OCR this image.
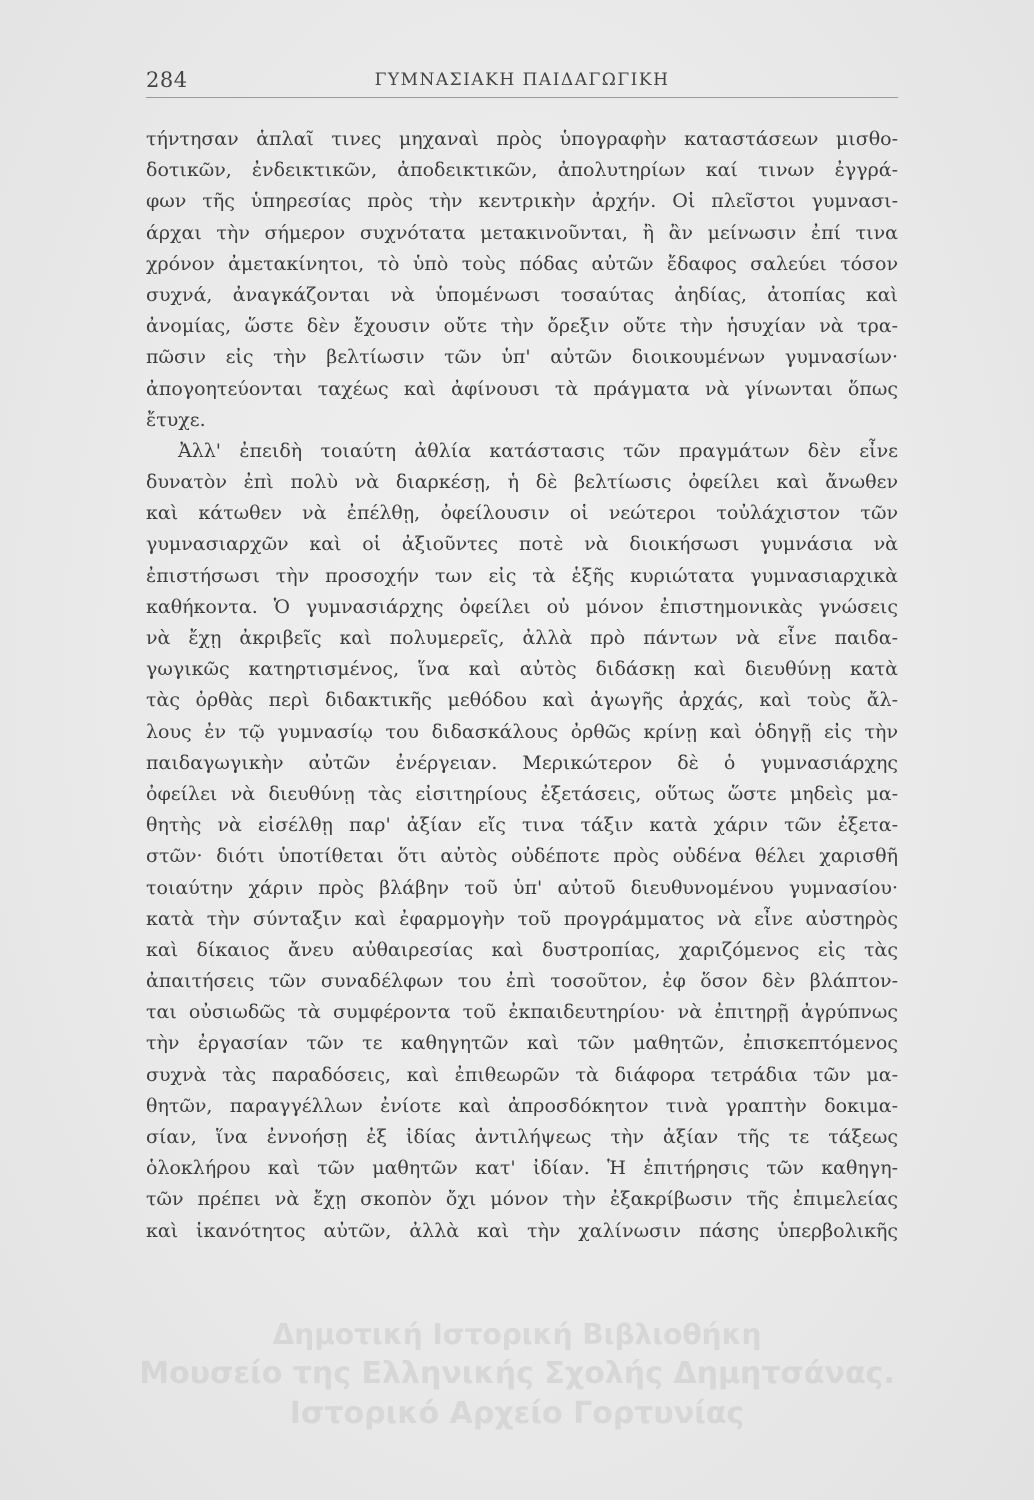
284	ΓΥΜΝΑΣΙΑΚΗ ΠΑΙΔΑΓΩΓΙΚΗ
τήντησαν ἁπλαῖ τινες μηχαναὶ πρὸς ὑπογραφὴν καταστάσεων μισθο-
δοτικῶν, ἐνδεικτικῶν, ἀποδεικτικῶν, ἀπολυτηρίων καί τινων ἐγγρά-
φων τῆς ὑπηρεσίας πρὸς τὴν κεντρικὴν ἀρχήν. Οἱ πλεῖστοι γυμνασι-
άρχαι τὴν σήμερον συχνότατα μετακινοῦνται, ἢ ἂν μείνωσιν ἐπί τινα
χρόνον ἀμετακίνητοι, τὸ ὑπὸ τοὺς πόδας αὐτῶν ἔδαφος σαλεύει τόσον
συχνά, ἀναγκάζονται νὰ ὑπομένωσι τοσαύτας ἀηδίας, ἀτοπίας καὶ
ἀνομίας, ὥστε δὲν ἔχουσιν οὔτε τὴν ὄρεξιν οὔτε τὴν ἡσυχίαν νὰ τρα-
πῶσιν εἰς τὴν βελτίωσιν τῶν ὑπ' αὐτῶν διοικουμένων γυμνασίων·
ἀπογοητεύονται ταχέως καὶ ἀφίνουσι τὰ πράγματα νὰ γίνωνται ὅπως
ἔτυχε.
Ἀλλ' ἐπειδὴ τοιαύτη ἀθλία κατάστασις τῶν πραγμάτων δὲν εἶνε
δυνατὸν ἐπὶ πολὺ νὰ διαρκέσῃ, ἡ δὲ βελτίωσις ὀφείλει καὶ ἄνωθεν
καὶ κάτωθεν νὰ ἐπέλθῃ, ὀφείλουσιν οἱ νεώτεροι τοὐλάχιστον τῶν
γυμνασιαρχῶν καὶ οἱ ἀξιοῦντες ποτὲ νὰ διοικήσωσι γυμνάσια νὰ
ἐπιστήσωσι τὴν προσοχήν των εἰς τὰ ἑξῆς κυριώτατα γυμνασιαρχικὰ
καθήκοντα. Ὁ γυμνασιάρχης ὀφείλει οὐ μόνον ἐπιστημονικὰς γνώσεις
νὰ ἔχῃ ἀκριβεῖς καὶ πολυμερεῖς, ἀλλὰ πρὸ πάντων νὰ εἶνε παιδα-
γωγικῶς κατηρτισμένος, ἵνα καὶ αὐτὸς διδάσκῃ καὶ διευθύνῃ κατὰ
τὰς ὀρθὰς περὶ διδακτικῆς μεθόδου καὶ ἀγωγῆς ἀρχάς, καὶ τοὺς ἄλ-
λους ἐν τῷ γυμνασίῳ του διδασκάλους ὀρθῶς κρίνῃ καὶ ὁδηγῇ εἰς τὴν
παιδαγωγικὴν αὐτῶν ἐνέργειαν. Μερικώτερον δὲ ὁ γυμνασιάρχης
ὀφείλει νὰ διευθύνῃ τὰς εἰσιτηρίους ἐξετάσεις, οὕτως ὥστε μηδεὶς μα-
θητὴς νὰ εἰσέλθῃ παρ' ἀξίαν εἴς τινα τάξιν κατὰ χάριν τῶν ἐξετα-
στῶν· διότι ὑποτίθεται ὅτι αὐτὸς οὐδέποτε πρὸς οὐδένα θέλει χαρισθῆ
τοιαύτην χάριν πρὸς βλάβην τοῦ ὑπ' αὐτοῦ διευθυνομένου γυμνασίου·
κατὰ τὴν σύνταξιν καὶ ἐφαρμογὴν τοῦ προγράμματος νὰ εἶνε αὐστηρὸς
καὶ δίκαιος ἄνευ αὐθαιρεσίας καὶ δυστροπίας, χαριζόμενος εἰς τὰς
ἀπαιτήσεις τῶν συναδέλφων του ἐπὶ τοσοῦτον, ἐφ ὅσον δὲν βλάπτον-
ται οὐσιωδῶς τὰ συμφέροντα τοῦ ἐκπαιδευτηρίου· νὰ ἐπιτηρῇ ἀγρύπνως
τὴν ἐργασίαν τῶν τε καθηγητῶν καὶ τῶν μαθητῶν, ἐπισκεπτόμενος
συχνὰ τὰς παραδόσεις, καὶ ἐπιθεωρῶν τὰ διάφορα τετράδια τῶν μα-
θητῶν, παραγγέλλων ἐνίοτε καὶ ἀπροσδόκητον τινὰ γραπτὴν δοκιμα-
σίαν, ἵνα ἐννοήσῃ ἐξ ἰδίας ἀντιλήψεως τὴν ἀξίαν τῆς τε τάξεως
ὁλοκλήρου καὶ τῶν μαθητῶν κατ' ἰδίαν. Ἡ ἐπιτήρησις τῶν καθηγη-
τῶν πρέπει νὰ ἔχῃ σκοπὸν ὄχι μόνον τὴν ἐξακρίβωσιν τῆς ἐπιμελείας
καὶ ἱκανότητος αὐτῶν, ἀλλὰ καὶ τὴν χαλίνωσιν πάσης ὑπερβολικῆς
Δημοτική Ιστορική Βιβλιοθήκη
Μουσείο της Ελληνικής Σχολής Δημητσάνας.
Ιστορικό Αρχείο Γορτυνίας
